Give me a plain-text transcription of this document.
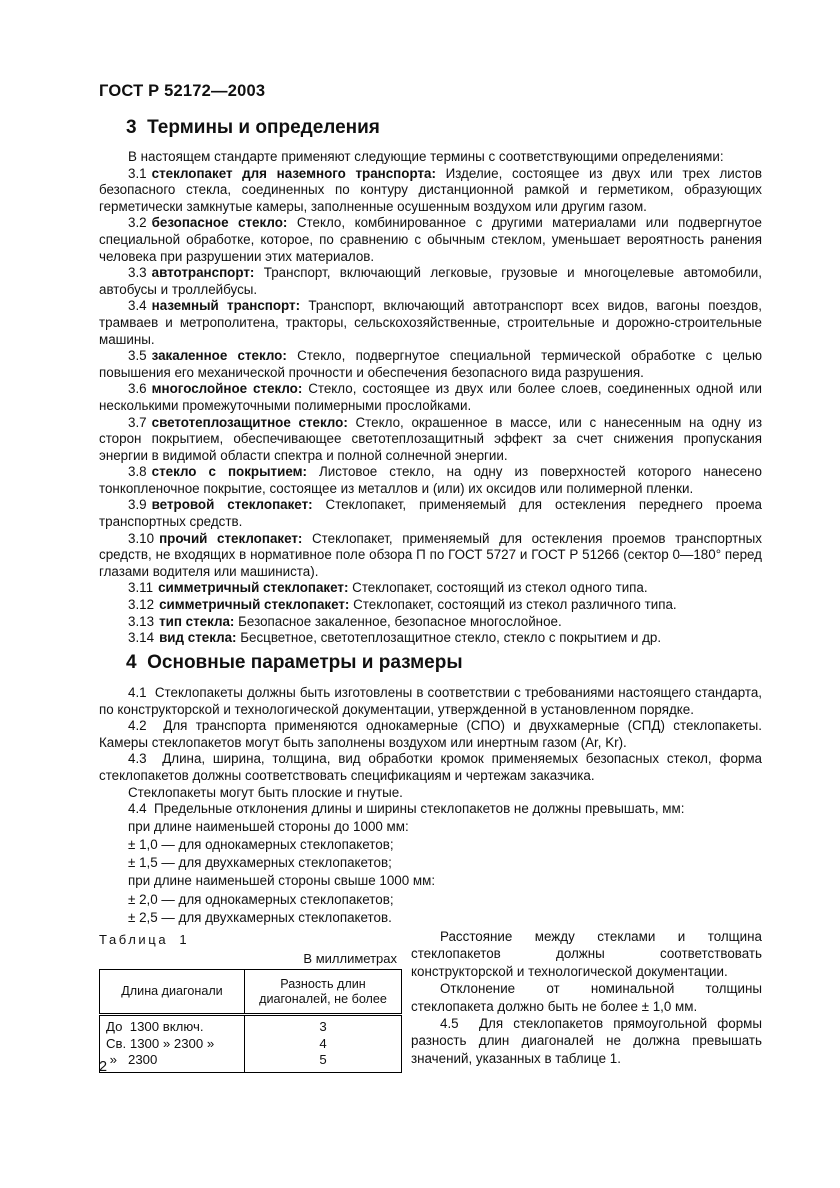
ГОСТ Р 52172—2003
3  Термины и определения

В настоящем стандарте применяют следующие термины с соответствующими определениями:

3.1 стеклопакет для наземного транспорта: Изделие, состоящее из двух или трех листов безопасного стекла, соединенных по контуру дистанционной рамкой и герметиком, образующих герметически замкнутые камеры, заполненные осушенным воздухом или другим газом.

3.2 безопасное стекло: Стекло, комбинированное с другими материалами или подвергнутое специальной обработке, которое, по сравнению с обычным стеклом, уменьшает вероятность ранения человека при разрушении этих материалов.

3.3 автотранспорт: Транспорт, включающий легковые, грузовые и многоцелевые автомобили, автобусы и троллейбусы.

3.4 наземный транспорт: Транспорт, включающий автотранспорт всех видов, вагоны поездов, трамваев и метрополитена, тракторы, сельскохозяйственные, строительные и дорожно-строительные машины.

3.5 закаленное стекло: Стекло, подвергнутое специальной термической обработке с целью повышения его механической прочности и обеспечения безопасного вида разрушения.

3.6 многослойное стекло: Стекло, состоящее из двух или более слоев, соединенных одной или несколькими промежуточными полимерными прослойками.

3.7 светотеплозащитное стекло: Стекло, окрашенное в массе, или с нанесенным на одну из сторон покрытием, обеспечивающее светотеплозащитный эффект за счет снижения пропускания энергии в видимой области спектра и полной солнечной энергии.

3.8 стекло с покрытием: Листовое стекло, на одну из поверхностей которого нанесено тонкопленочное покрытие, состоящее из металлов и (или) их оксидов или полимерной пленки.

3.9 ветровой стеклопакет: Стеклопакет, применяемый для остекления переднего проема транспортных средств.

3.10 прочий стеклопакет: Стеклопакет, применяемый для остекления проемов транспортных средств, не входящих в нормативное поле обзора П по ГОСТ 5727 и ГОСТ Р 51266 (сектор 0—180° перед глазами водителя или машиниста).

3.11 симметричный стеклопакет: Стеклопакет, состоящий из стекол одного типа.

3.12 симметричный стеклопакет: Стеклопакет, состоящий из стекол различного типа.

3.13 тип стекла: Безопасное закаленное, безопасное многослойное.

3.14 вид стекла: Бесцветное, светотеплозащитное стекло, стекло с покрытием и др.

4  Основные параметры и размеры

4.1  Стеклопакеты должны быть изготовлены в соответствии с требованиями настоящего стандарта, по конструкторской и технологической документации, утвержденной в установленном порядке.

4.2  Для транспорта применяются однокамерные (СПО) и двухкамерные (СПД) стеклопакеты. Камеры стеклопакетов могут быть заполнены воздухом или инертным газом (Ar, Kr).

4.3  Длина, ширина, толщина, вид обработки кромок применяемых безопасных стекол, форма стеклопакетов должны соответствовать спецификациям и чертежам заказчика.

Стеклопакеты могут быть плоские и гнутые.

4.4  Предельные отклонения длины и ширины стеклопакетов не должны превышать, мм:

при длине наименьшей стороны до 1000 мм:

± 1,0 — для однокамерных стеклопакетов;

± 1,5 — для двухкамерных стеклопакетов;

при длине наименьшей стороны свыше 1000 мм:

± 2,0 — для однокамерных стеклопакетов;

± 2,5 — для двухкамерных стеклопакетов.

Таблица 1
В миллиметрах
Длина диагонали	Разность длин диагоналей, не более
До  1300 включ.	3
Св. 1300 » 2300 »	4
»   2300	5

Расстояние между стеклами и толщина стеклопакетов должны соответствовать конструкторской и технологической документации.

Отклонение от номинальной толщины стеклопакета должно быть не более ± 1,0 мм.

4.5  Для стеклопакетов прямоугольной формы разность длин диагоналей не должна превышать значений, указанных в таблице 1.

2
